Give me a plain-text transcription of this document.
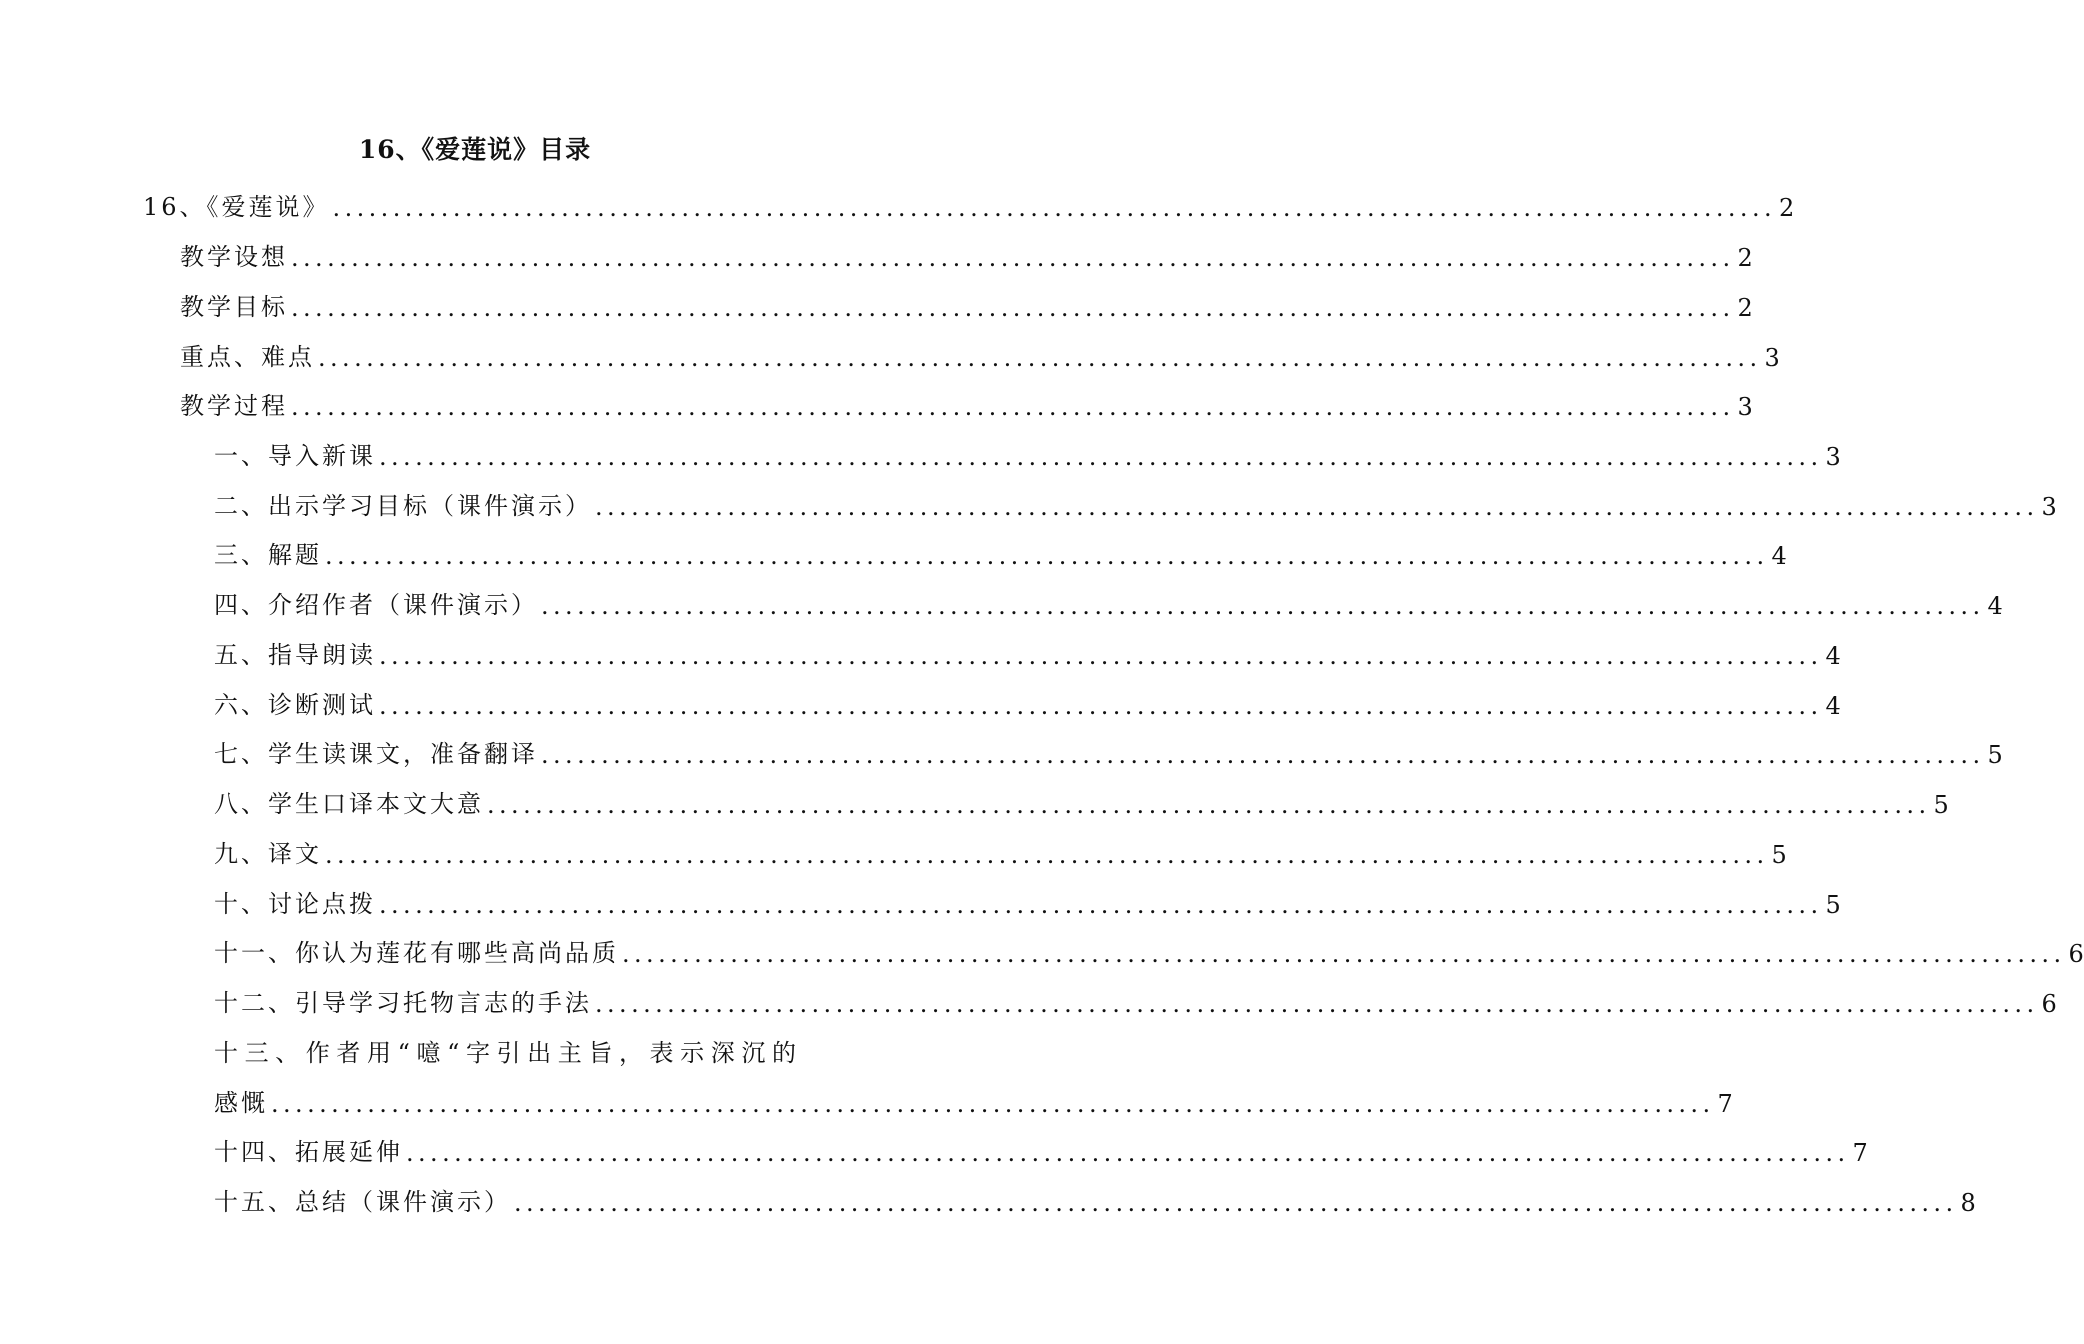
16、《爱莲说》目录
16、《爱莲说》 ........................................................................................................................ 2
教学设想 ........................................................................................................................ 2
教学目标 ........................................................................................................................ 2
重点、难点 ........................................................................................................................ 3
教学过程 ........................................................................................................................ 3
一、导入新课 ........................................................................................................................ 3
二、出示学习目标（课件演示） ........................................................................................................................ 3
三、解题 ........................................................................................................................ 4
四、介绍作者（课件演示） ........................................................................................................................ 4
五、指导朗读 ........................................................................................................................ 4
六、诊断测试 ........................................................................................................................ 4
七、学生读课文，准备翻译 ........................................................................................................................ 5
八、学生口译本文大意 ........................................................................................................................ 5
九、译文 ........................................................................................................................ 5
十、讨论点拨 ........................................................................................................................ 5
十一、你认为莲花有哪些高尚品质 ........................................................................................................................ 6
十二、引导学习托物言志的手法 ........................................................................................................................ 6
十三、作者用“噫“字引出主旨，表示深沉的
感慨 ........................................................................................................................ 7
十四、拓展延伸 ........................................................................................................................ 7
十五、总结（课件演示） ........................................................................................................................ 8
